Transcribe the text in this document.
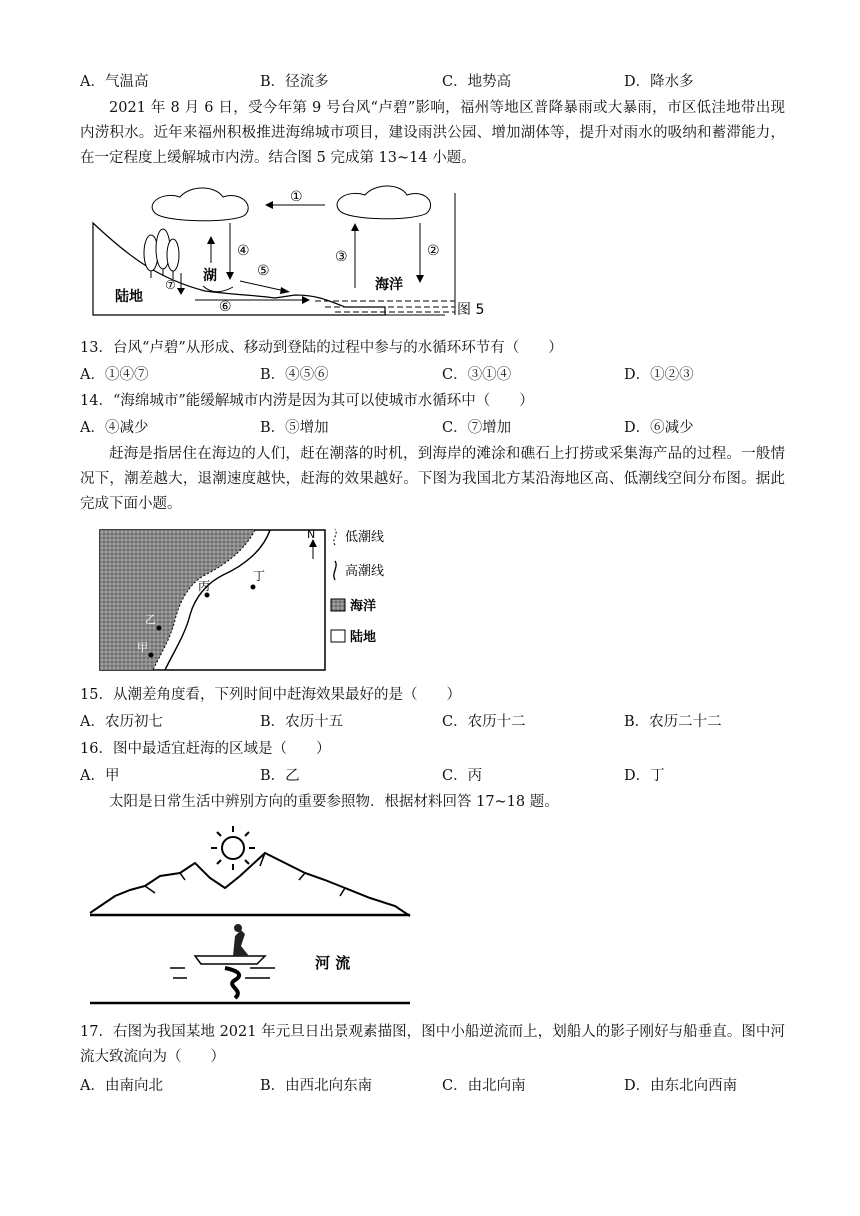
A．气温高	B．径流多	C．地势高	D．降水多
2021 年 8 月 6 日，受今年第 9 号台风“卢碧”影响，福州等地区普降暴雨或大暴雨，市区低洼地带出现内涝积水。近年来福州积极推进海绵城市项目，建设雨洪公园、增加湖体等，提升对雨水的吸纳和蓄滞能力，在一定程度上缓解城市内涝。结合图 5 完成第 13~14 小题。
①
②
③
④
⑤
⑥
⑦
陆地
湖
海洋
图 5
13．台风“卢碧”从形成、移动到登陆的过程中参与的水循环环节有（　　）
A．①④⑦	B．④⑤⑥	C．③①④	D．①②③
14．“海绵城市”能缓解城市内涝是因为其可以使城市水循环中（　　）
A．④减少	B．⑤增加	C．⑦增加	D．⑥减少
赶海是指居住在海边的人们，赶在潮落的时机，到海岸的滩涂和礁石上打捞或采集海产品的过程。一般情况下，潮差越大，退潮速度越快，赶海的效果越好。下图为我国北方某沿海地区高、低潮线空间分布图。据此完成下面小题。
丙
丁
乙
甲
N 低潮线
高潮线
海洋
陆地
15．从潮差角度看，下列时间中赶海效果最好的是（　　）
A．农历初七	B．农历十五	C．农历十二	B．农历二十二
16．图中最适宜赶海的区域是（　　）
A．甲	B．乙	C．丙	D．丁
太阳是日常生活中辨别方向的重要参照物．根据材料回答 17~18 题。
河 流
17．右图为我国某地 2021 年元旦日出景观素描图，图中小船逆流而上，划船人的影子刚好与船垂直。图中河流大致流向为（　　）
A．由南向北	B．由西北向东南	C．由北向南	D．由东北向西南
